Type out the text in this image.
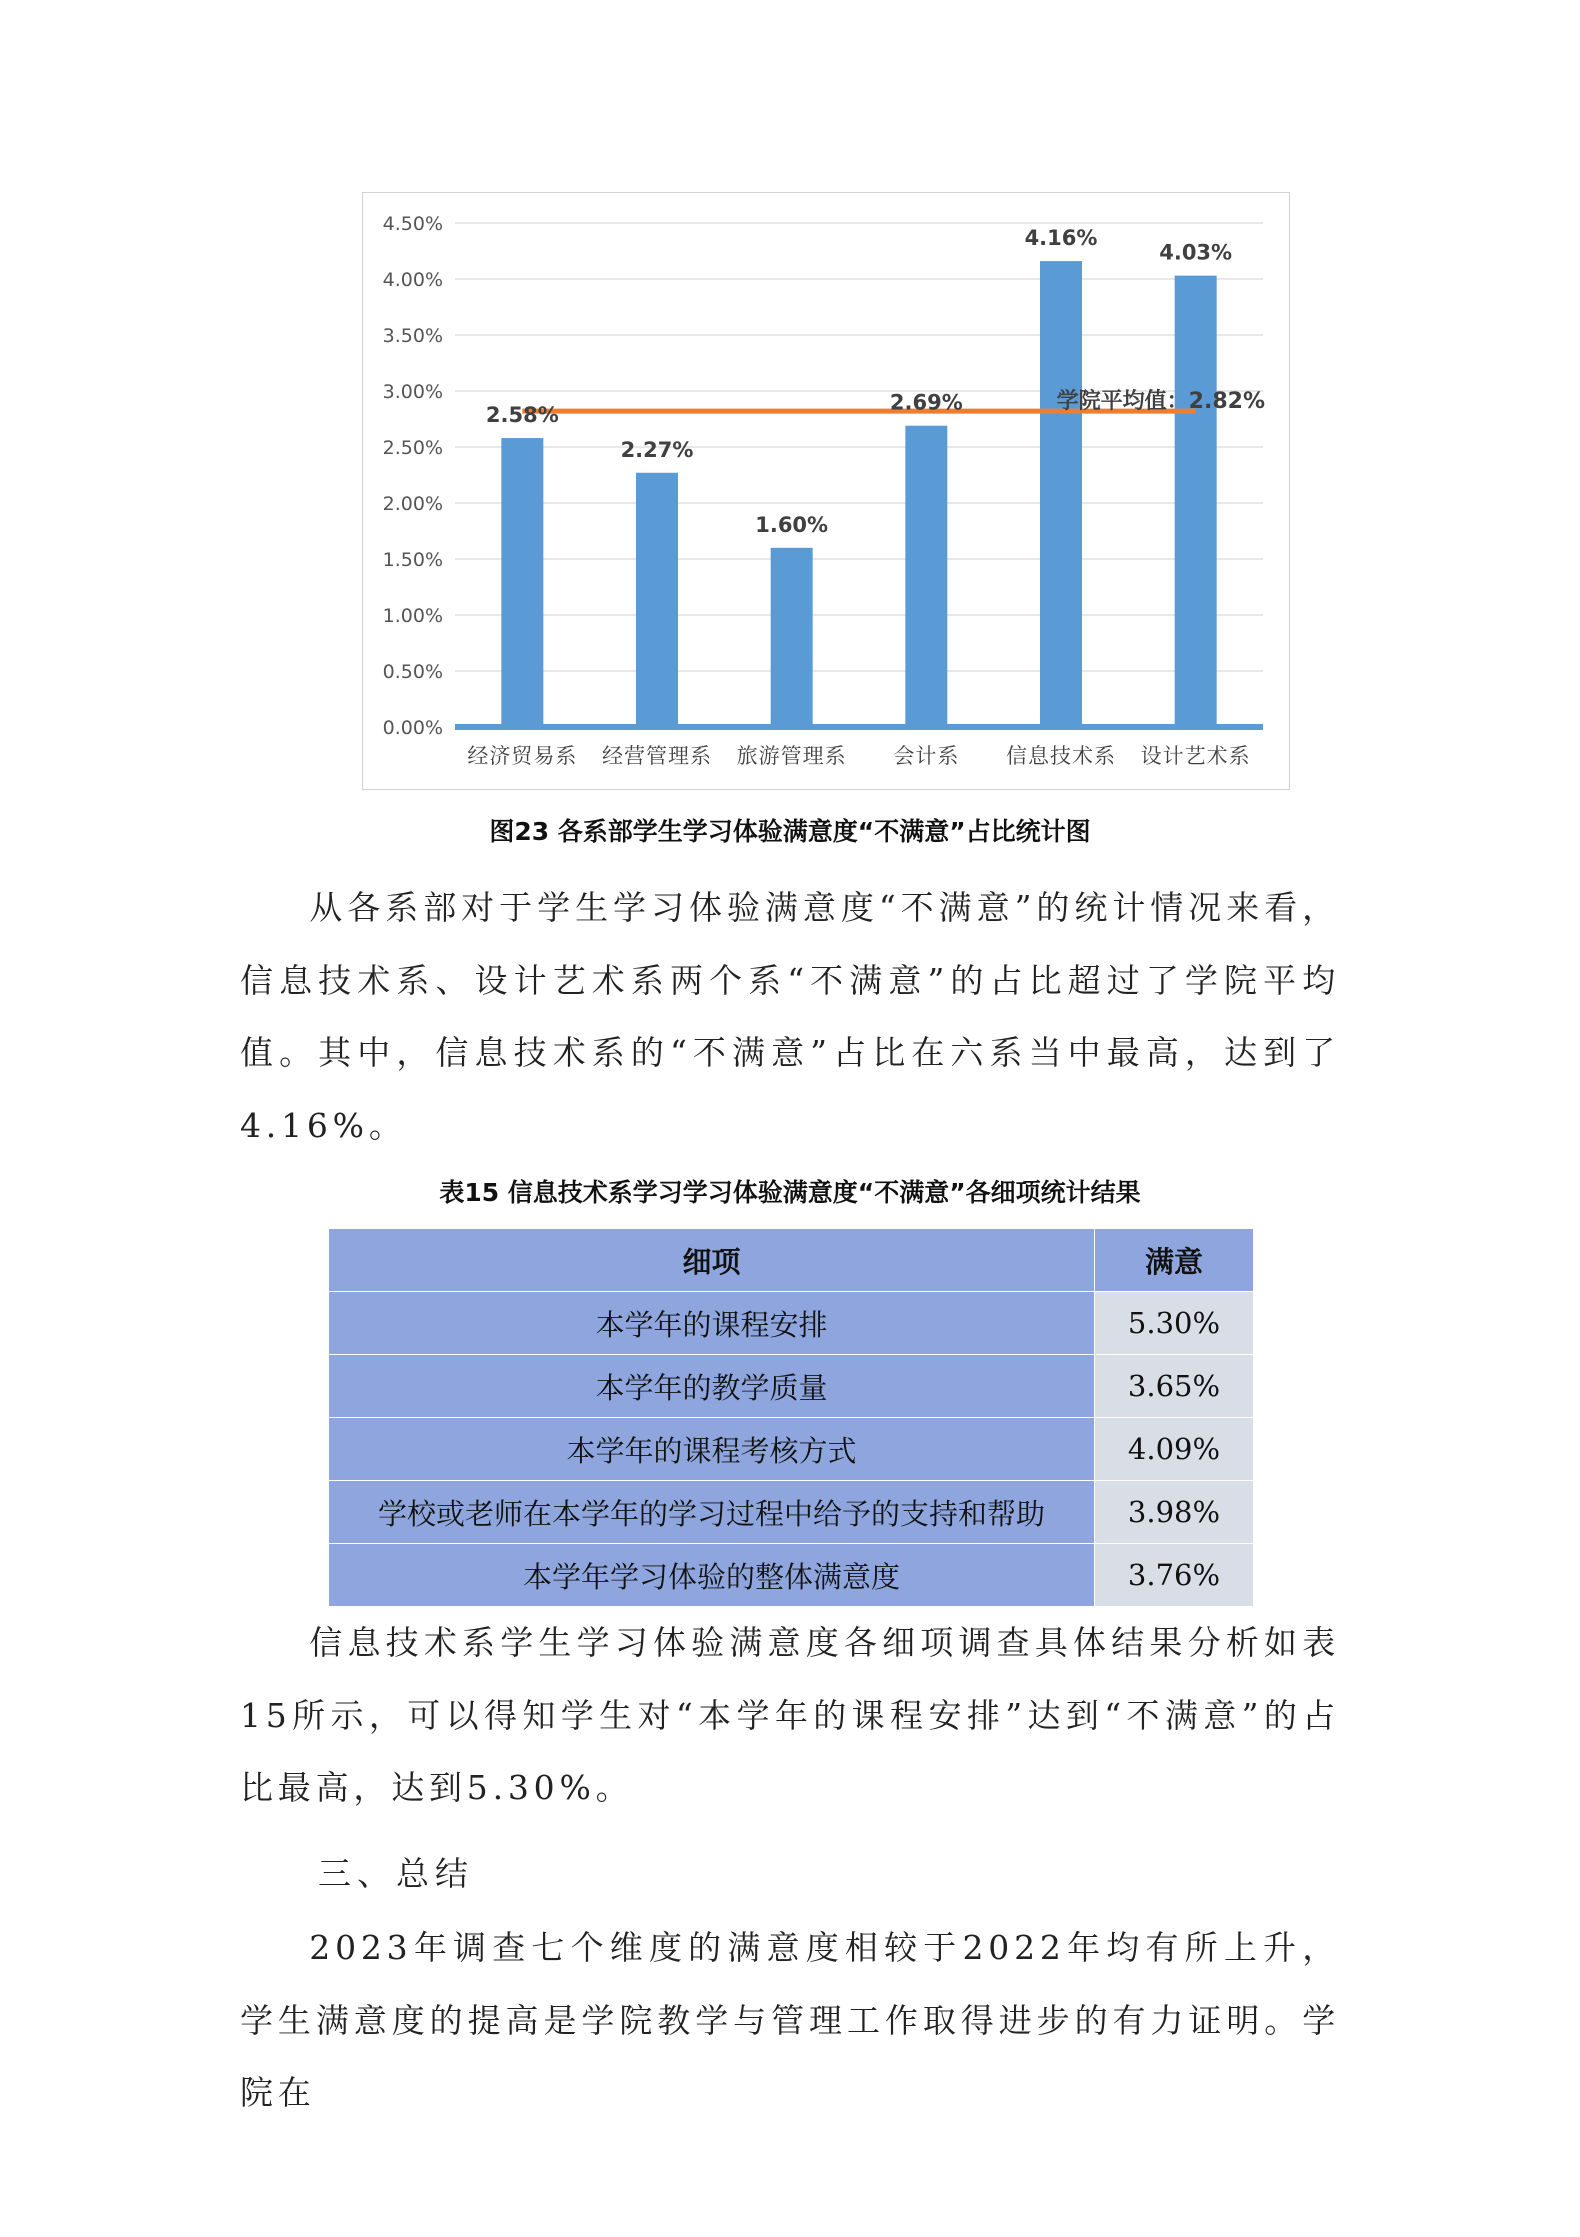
0.00%
0.50%
1.00%
1.50%
2.00%
2.50%
3.00%
3.50%
4.00%
4.50%
2.58%
2.27%
1.60%
2.69%
4.16%
4.03%
学院平均值：2.82%
经济贸易系 经营管理系 旅游管理系 会计系 信息技术系 设计艺术系
图23 各系部学生学习体验满意度“不满意”占比统计图

从各系部对于学生学习体验满意度“不满意”的统计情况来看，信息技术系、设计艺术系两个系“不满意”的占比超过了学院平均值。其中，信息技术系的“不满意”占比在六系当中最高，达到了4.16%。

表15 信息技术系学习学习体验满意度“不满意”各细项统计结果
细项	满意
本学年的课程安排	5.30%
本学年的教学质量	3.65%
本学年的课程考核方式	4.09%
学校或老师在本学年的学习过程中给予的支持和帮助	3.98%
本学年学习体验的整体满意度	3.76%

信息技术系学生学习体验满意度各细项调查具体结果分析如表15所示，可以得知学生对“本学年的课程安排”达到“不满意”的占比最高，达到5.30%。

三、总结

2023年调查七个维度的满意度相较于2022年均有所上升，学生满意度的提高是学院教学与管理工作取得进步的有力证明。学院在
